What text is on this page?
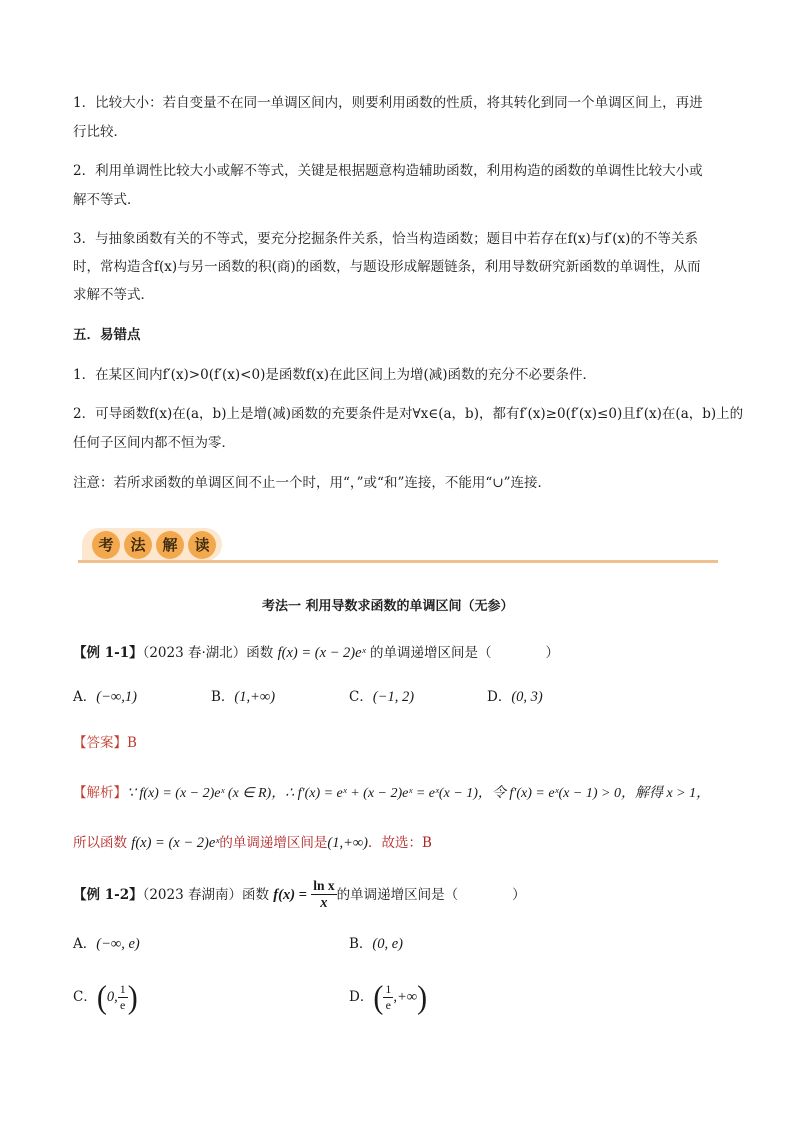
1．比较大小：若自变量不在同一单调区间内，则要利用函数的性质，将其转化到同一个单调区间上，再进
行比较．
2．利用单调性比较大小或解不等式，关键是根据题意构造辅助函数，利用构造的函数的单调性比较大小或
解不等式．
3．与抽象函数有关的不等式，要充分挖掘条件关系，恰当构造函数；题目中若存在f(x)与f′(x)的不等关系
时，常构造含f(x)与另一函数的积(商)的函数，与题设形成解题链条，利用导数研究新函数的单调性，从而
求解不等式．
五．易错点
1．在某区间内f′(x)>0(f′(x)<0)是函数f(x)在此区间上为增(减)函数的充分不必要条件．
2．可导函数f(x)在(a，b)上是增(减)函数的充要条件是对∀x∈(a，b)，都有f′(x)≥0(f′(x)≤0)且f′(x)在(a，b)上的
任何子区间内都不恒为零．
注意：若所求函数的单调区间不止一个时，用“，”或“和”连接，不能用“∪”连接．
考	法	解	读
考法一 利用导数求函数的单调区间（无参）
【例 1-1】（2023 春·湖北）函数 f(x) = (x − 2)eˣ 的单调递增区间是（　　　　）
A．(−∞,1)	B．(1,+∞)	C．(−1, 2)	D．(0, 3)
【答案】B
【解析】∵ f(x) = (x − 2)eˣ (x ∈ R)，∴ f′(x) = eˣ + (x − 2)eˣ = eˣ(x − 1)，令 f′(x) = eˣ(x − 1) > 0，解得 x > 1，
所以函数 f(x) = (x − 2)eˣ的单调递增区间是(1,+∞)．故选：B
【例 1-2】（2023 春湖南）函数 $f(x) = \frac{\text{ln x}}{x}$ 的单调递增区间是（　　　　）
A．(−∞, e)	B．(0, e)
C．(0, $\frac{1}{e}$ )	D．( $\frac{1}{e}$ ,+∞)
